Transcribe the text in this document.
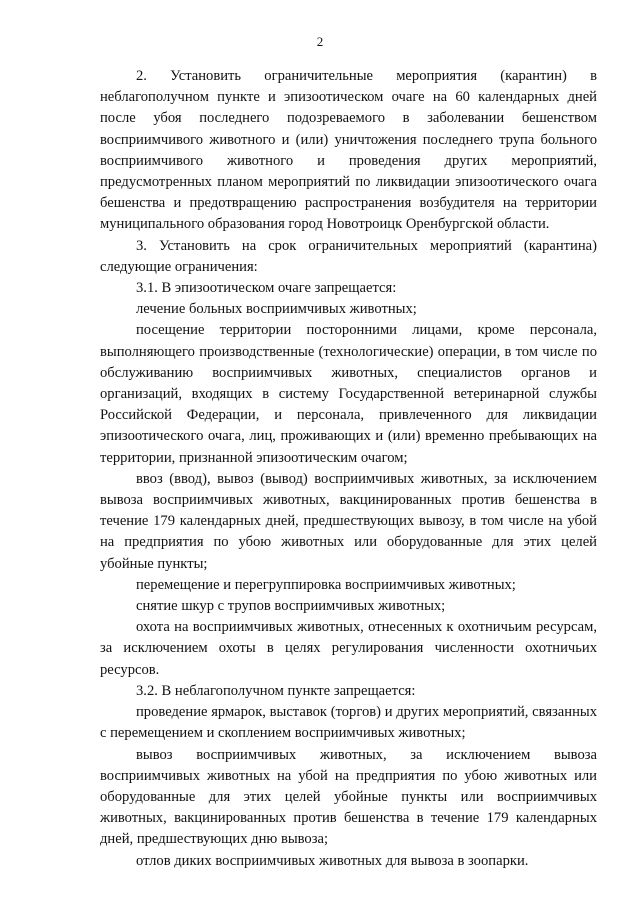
2

2. Установить ограничительные мероприятия (карантин) в неблагополучном пункте и эпизоотическом очаге на 60 календарных дней после убоя последнего подозреваемого в заболевании бешенством восприимчивого животного и (или) уничтожения последнего трупа больного восприимчивого животного и проведения других мероприятий, предусмотренных планом мероприятий по ликвидации эпизоотического очага бешенства и предотвращению распространения возбудителя на территории муниципального образования город Новотроицк Оренбургской области.

3. Установить на срок ограничительных мероприятий (карантина) следующие ограничения:

3.1. В эпизоотическом очаге запрещается:

лечение больных восприимчивых животных;

посещение территории посторонними лицами, кроме персонала, выполняющего производственные (технологические) операции, в том числе по обслуживанию восприимчивых животных, специалистов органов и организаций, входящих в систему Государственной ветеринарной службы Российской Федерации, и персонала, привлеченного для ликвидации эпизоотического очага, лиц, проживающих и (или) временно пребывающих на территории, признанной эпизоотическим очагом;

ввоз (ввод), вывоз (вывод) восприимчивых животных, за исключением вывоза восприимчивых животных, вакцинированных против бешенства в течение 179 календарных дней, предшествующих вывозу, в том числе на убой на предприятия по убою животных или оборудованные для этих целей убойные пункты;

перемещение и перегруппировка восприимчивых животных;

снятие шкур с трупов восприимчивых животных;

охота на восприимчивых животных, отнесенных к охотничьим ресурсам, за исключением охоты в целях регулирования численности охотничьих ресурсов.

3.2. В неблагополучном пункте запрещается:

проведение ярмарок, выставок (торгов) и других мероприятий, связанных с перемещением и скоплением восприимчивых животных;

вывоз восприимчивых животных, за исключением вывоза восприимчивых животных на убой на предприятия по убою животных или оборудованные для этих целей убойные пункты или восприимчивых животных, вакцинированных против бешенства в течение 179 календарных дней, предшествующих дню вывоза;

отлов диких восприимчивых животных для вывоза в зоопарки.
